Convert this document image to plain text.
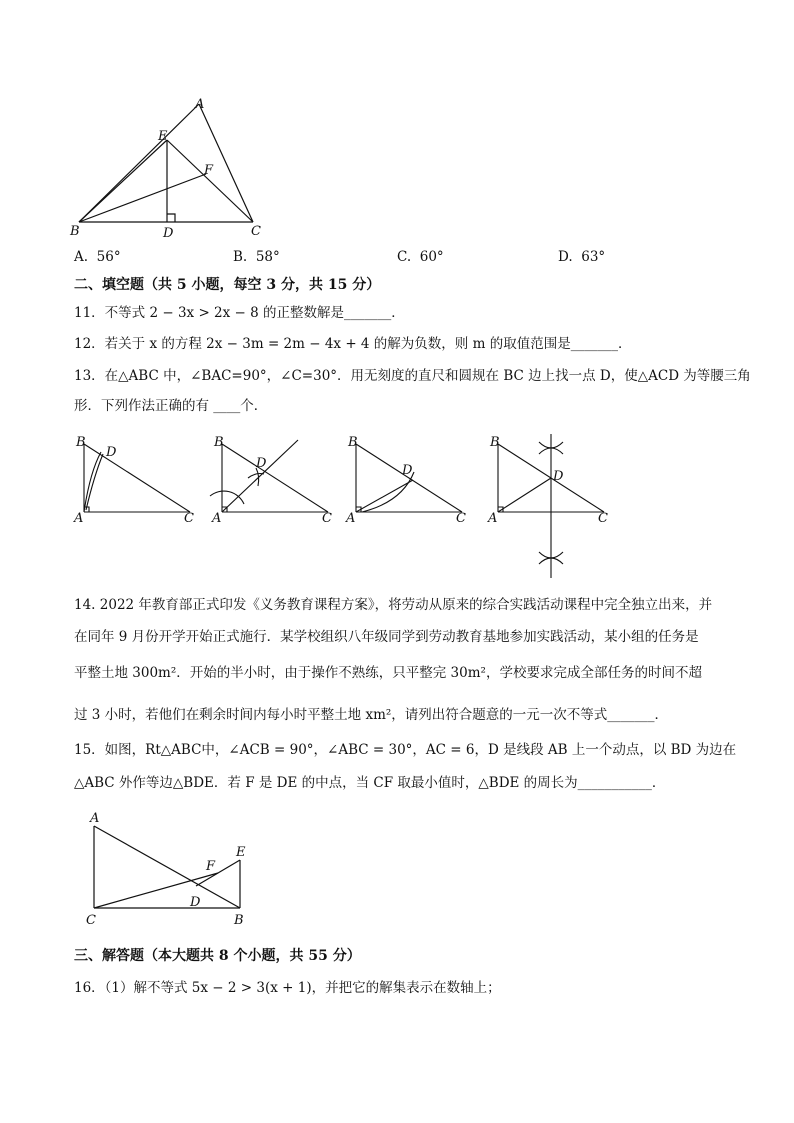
A
E
F
B	D	C
A. 56°	B. 58°	C. 60°	D. 63°
二、填空题（共 5 小题，每空 3 分，共 15 分）
11．不等式 2 − 3x > 2x − 8 的正整数解是_______．
12．若关于 x 的方程 2x − 3m = 2m − 4x + 4 的解为负数，则 m 的取值范围是_______．
13．在△ABC 中，∠BAC=90°，∠C=30°．用无刻度的直尺和圆规在 BC 边上找一点 D，使△ACD 为等腰三角
形．下列作法正确的有 ____个．
B
D
A	C
B
D
A	C
B
D
A	C
B
D
A	C
14. 2022 年教育部正式印发《义务教育课程方案》，将劳动从原来的综合实践活动课程中完全独立出来，并
在同年 9 月份开学开始正式施行．某学校组织八年级同学到劳动教育基地参加实践活动，某小组的任务是
平整土地 300m²．开始的半小时，由于操作不熟练，只平整完 30m²，学校要求完成全部任务的时间不超
过 3 小时，若他们在剩余时间内每小时平整土地 xm²，请列出符合题意的一元一次不等式_______．
15．如图，Rt△ABC中，∠ACB = 90°，∠ABC = 30°，AC = 6，D 是线段 AB 上一个动点，以 BD 为边在
△ABC 外作等边△BDE．若 F 是 DE 的中点，当 CF 取最小值时，△BDE 的周长为___________．
A
F
E
D
C	B
三、解答题（本大题共 8 个小题，共 55 分）
16．（1）解不等式 5x − 2 > 3(x + 1)，并把它的解集表示在数轴上；
